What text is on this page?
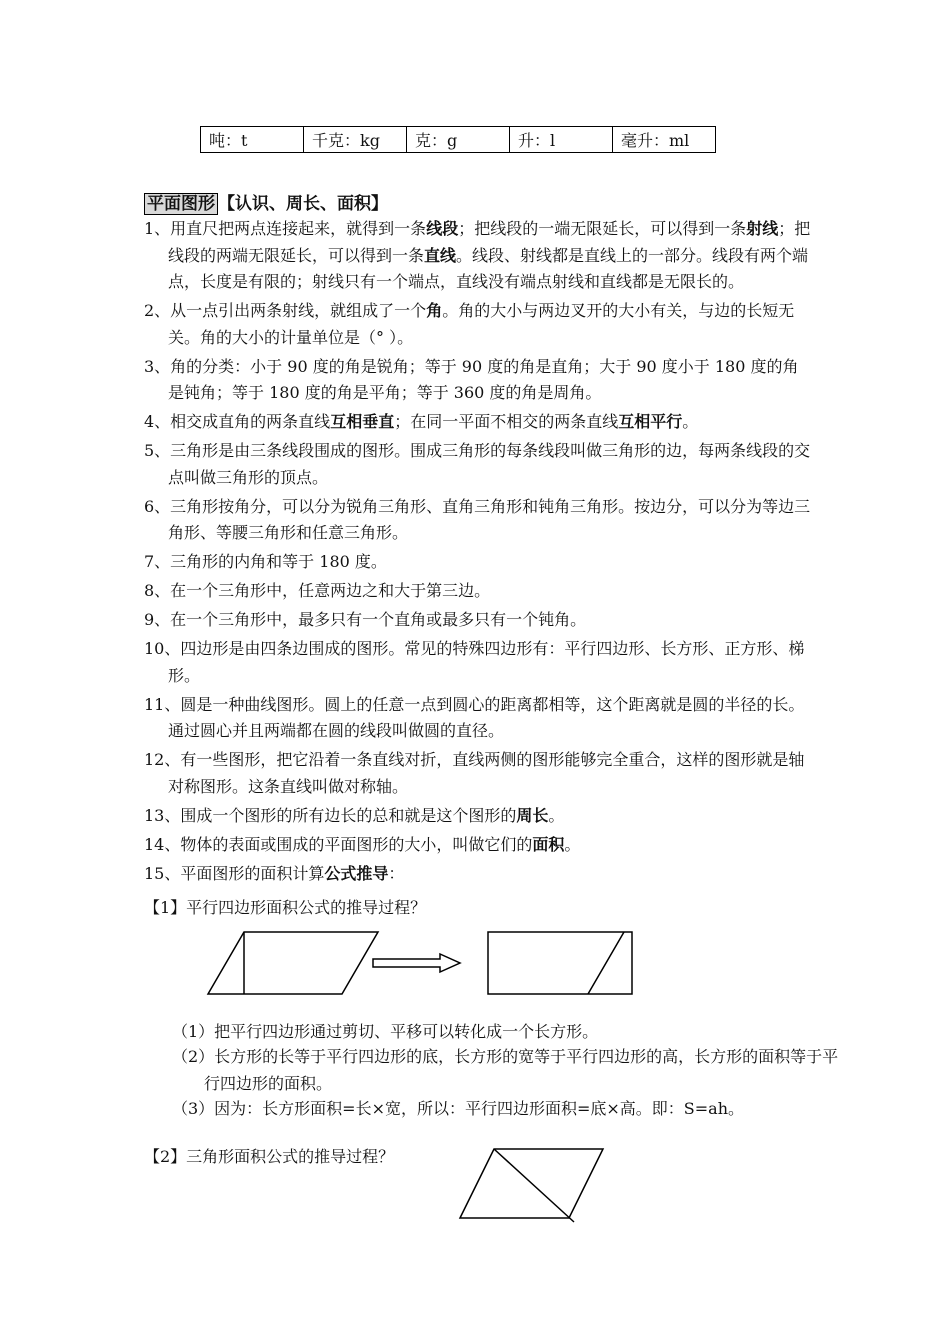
吨：t	千克：kg	克：g	升：l	毫升：ml
平面图形 【认识、周长、面积】

1、用直尺把两点连接起来，就得到一条线段；把线段的一端无限延长，可以得到一条射线；把线段的两端无限延长，可以得到一条直线。线段、射线都是直线上的一部分。线段有两个端点，长度是有限的；射线只有一个端点，直线没有端点射线和直线都是无限长的。

2、从一点引出两条射线，就组成了一个角。角的大小与两边叉开的大小有关，与边的长短无关。角的大小的计量单位是（° ）。

3、角的分类：小于 90 度的角是锐角；等于 90 度的角是直角；大于 90 度小于 180 度的角是钝角；等于 180 度的角是平角；等于 360 度的角是周角。

4、相交成直角的两条直线互相垂直；在同一平面不相交的两条直线互相平行。

5、三角形是由三条线段围成的图形。围成三角形的每条线段叫做三角形的边，每两条线段的交点叫做三角形的顶点。

6、三角形按角分，可以分为锐角三角形、直角三角形和钝角三角形。按边分，可以分为等边三角形、等腰三角形和任意三角形。

7、三角形的内角和等于 180 度。

8、在一个三角形中，任意两边之和大于第三边。

9、在一个三角形中，最多只有一个直角或最多只有一个钝角。

10、四边形是由四条边围成的图形。常见的特殊四边形有：平行四边形、长方形、正方形、梯形。

11、圆是一种曲线图形。圆上的任意一点到圆心的距离都相等，这个距离就是圆的半径的长。通过圆心并且两端都在圆的线段叫做圆的直径。

12、有一些图形，把它沿着一条直线对折，直线两侧的图形能够完全重合，这样的图形就是轴对称图形。这条直线叫做对称轴。

13、围成一个图形的所有边长的总和就是这个图形的周长。

14、物体的表面或围成的平面图形的大小，叫做它们的面积。

15、平面图形的面积计算公式推导：

【1】平行四边形面积公式的推导过程？
（1）把平行四边形通过剪切、平移可以转化成一个长方形。
（2）长方形的长等于平行四边形的底，长方形的宽等于平行四边形的高，长方形的面积等于平行四边形的面积。
（3）因为：长方形面积=长×宽，所以：平行四边形面积=底×高。即：S=ah。
【2】三角形面积公式的推导过程？
